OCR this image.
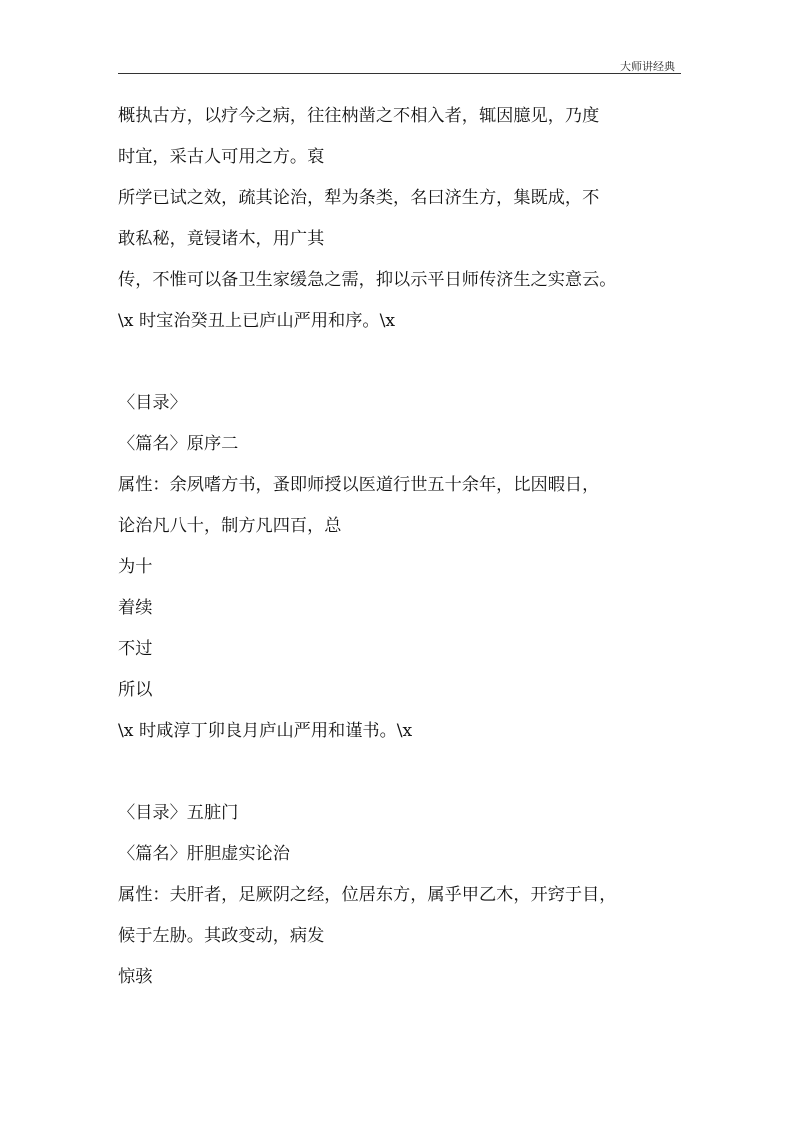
大师讲经典
概执古方，以疗今之病，往往枘凿之不相入者，辄因臆见，乃度
时宜，采古人可用之方。裒
所学已试之效，疏其论治，犁为条类，名曰济生方，集既成，不
敢私秘，竟锓诸木，用广其
传，不惟可以备卫生家缓急之需，抑以示平日师传济生之实意云。
\x 时宝治癸丑上已庐山严用和序。\x
〈目录〉
〈篇名〉原序二
属性：余夙嗜方书，蚤即师授以医道行世五十余年，比因暇日，
论治凡八十，制方凡四百，总
为十
着续
不过
所以
\x 时咸淳丁卯良月庐山严用和谨书。\x
〈目录〉五脏门
〈篇名〉肝胆虚实论治
属性：夫肝者，足厥阴之经，位居东方，属乎甲乙木，开窍于目，
候于左胁。其政变动，病发
惊骇
